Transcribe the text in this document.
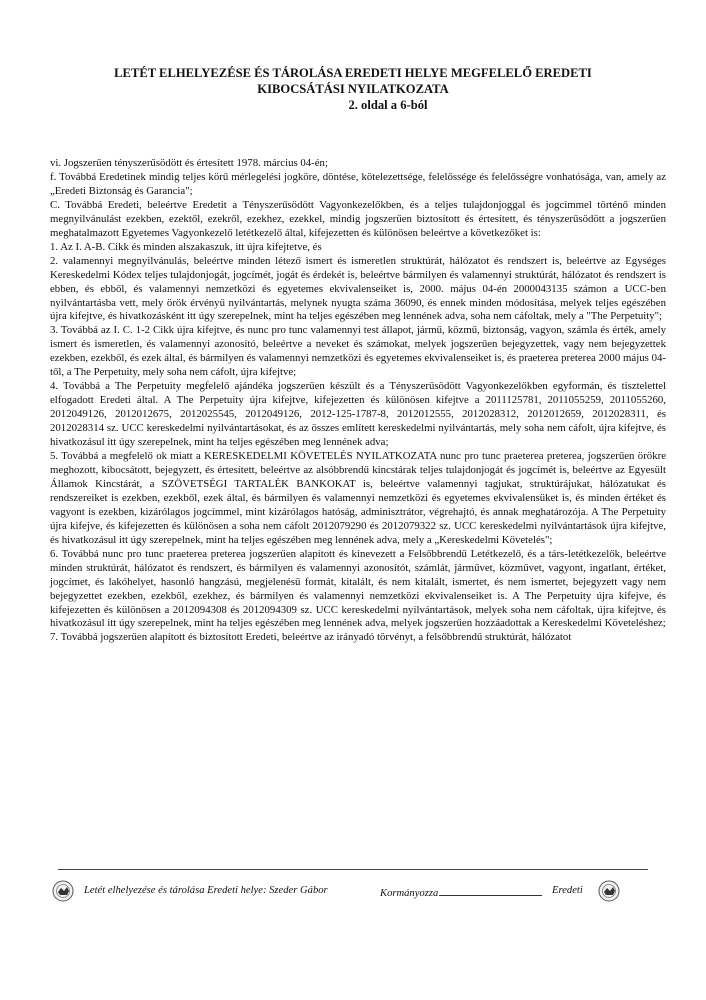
LETÉT ELHELYEZÉSE ÉS TÁROLÁSA EREDETI HELYE MEGFELELŐ EREDETI
KIBOCSÁTÁSI NYILATKOZATA
2. oldal a 6-ból

vi. Jogszerűen tényszerűsödött és értesített 1978. március 04-én;

f. Továbbá Eredetinek mindig teljes körű mérlegelési jogköre, döntése, kötelezettsége, felelőssége és felelősségre vonhatósága, van, amely az „Eredeti Biztonság és Garancia";

C. Továbbá Eredeti, beleértve Eredetit a Tényszerűsödött Vagyonkezelőkben, és a teljes tulajdonjoggal és jogcímmel történő minden megnyilvánulást ezekben, ezektől, ezekről, ezekhez, ezekkel, mindig jogszerűen biztosított és értesített, és tényszerűsödött a jogszerűen meghatalmazott Egyetemes Vagyonkezelő letétkezelő által, kifejezetten és különösen beleértve a következőket is:

1. Az I. A-B. Cikk és minden alszakaszuk, itt újra kifejtetve, és

2. valamennyi megnyilvánulás, beleértve minden létező ismert és ismeretlen struktúrát, hálózatot és rendszert is, beleértve az Egységes Kereskedelmi Kódex teljes tulajdonjogát, jogcímét, jogát és érdekét is, beleértve bármilyen és valamennyi struktúrát, hálózatot és rendszert is ebben, és ebből, és valamennyi nemzetközi és egyetemes ekvivalenseiket is, 2000. május 04-én 2000043135 számon a UCC-ben nyilvántartásba vett, mely örök érvényű nyilvántartás, melynek nyugta száma 36090, és ennek minden módosítása, melyek teljes egészében újra kifejtve, és hivatkozásként itt úgy szerepelnek, mint ha teljes egészében meg lennének adva, soha nem cáfoltak, mely a "The Perpetuity";

3. Továbbá az I. C. 1-2 Cikk újra kifejtve, és nunc pro tunc valamennyi test állapot, jármű, közmű, biztonság, vagyon, számla és érték, amely ismert és ismeretlen, és valamennyi azonosító, beleértve a neveket és számokat, melyek jogszerűen bejegyzettek, vagy nem bejegyzettek ezekben, ezekből, és ezek által, és bármilyen és valamennyi nemzetközi és egyetemes ekvivalenseiket is, és praeterea preterea 2000 május 04-től, a The Perpetuity, mely soha nem cáfolt, újra kifejtve;

4. Továbbá a The Perpetuity megfelelő ajándéka jogszerűen készült és a Tényszerűsödött Vagyonkezelőkben egyformán, és tisztelettel elfogadott Eredeti által. A The Perpetuity újra kifejtve, kifejezetten és különösen kifejtve a 2011125781, 2011055259, 2011055260, 2012049126, 2012012675, 2012025545, 2012049126, 2012-125-1787-8, 2012012555, 2012028312, 2012012659, 2012028311, és 2012028314 sz. UCC kereskedelmi nyilvántartásokat, és az összes említett kereskedelmi nyilvántartás, mely soha nem cáfolt, újra kifejtve, és hivatkozásul itt úgy szerepelnek, mint ha teljes egészében meg lennének adva;

5. Továbbá a megfelelő ok miatt a KERESKEDELMI KÖVETELÉS NYILATKOZATA nunc pro tunc praeterea preterea, jogszerűen örökre meghozott, kibocsátott, bejegyzett, és értesített, beleértve az alsóbbrendű kincstárak teljes tulajdonjogát és jogcímét is, beleértve az Egyesült Államok Kincstárát, a SZÖVETSÉGI TARTALÉK BANKOKAT is, beleértve valamennyi tagjukat, struktúrájukat, hálózatukat és rendszereiket is ezekben, ezekből, ezek által, és bármilyen és valamennyi nemzetközi és egyetemes ekvivalensüket is, és minden értéket és vagyont is ezekben, kizárólagos jogcímmel, mint kizárólagos hatóság, adminisztrátor, végrehajtó, és annak meghatározója. A The Perpetuity újra kifejve, és kifejezetten és különösen a soha nem cáfolt 2012079290 és 2012079322 sz. UCC kereskedelmi nyilvántartások újra kifejtve, és hivatkozásul itt úgy szerepelnek, mint ha teljes egészében meg lennének adva, mely a „Kereskedelmi Követelés";

6. Továbbá nunc pro tunc praeterea preterea jogszerűen alapított és kinevezett a Felsőbbrendű Letétkezelő, és a társ-letétkezelők, beleértve minden struktúrát, hálózatot és rendszert, és bármilyen és valamennyi azonosítót, számlát, járművet, közművet, vagyont, ingatlant, értéket, jogcímet, és lakóhelyet, hasonló hangzású, megjelenésű formát, kitalált, és nem kitalált, ismertet, és nem ismertet, bejegyzett vagy nem bejegyzettet ezekben, ezekből, ezekhez, és bármilyen és valamennyi nemzetközi ekvivalenseiket is. A The Perpetuity újra kifejve, és kifejezetten és különösen a 2012094308 és 2012094309 sz. UCC kereskedelmi nyilvántartások, melyek soha nem cáfoltak, újra kifejtve, és hivatkozásul itt úgy szerepelnek, mint ha teljes egészében meg lennének adva, melyek jogszerűen hozzáadottak a Kereskedelmi Követeléshez;

7. Továbbá jogszerűen alapított és biztosított Eredeti, beleértve az irányadó törvényt, a felsőbbrendű struktúrát, hálózatot

Letét elhelyezése és tárolása Eredeti helye: Szeder Gábor	Kormányozza	Eredeti
